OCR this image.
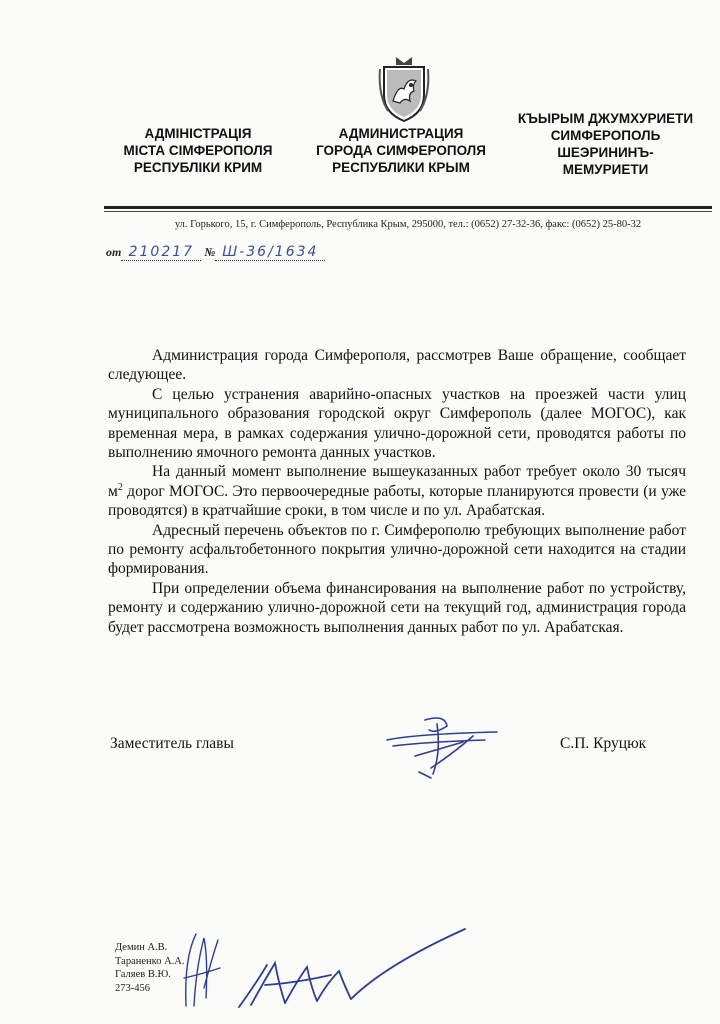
АДМІНІСТРАЦІЯ
МІСТА СІМФЕРОПОЛЯ
РЕСПУБЛІКИ КРИМ
АДМИНИСТРАЦИЯ
ГОРОДА СИМФЕРОПОЛЯ
РЕСПУБЛИКИ КРЫМ
КЪЫРЫМ ДЖУМХУРИЕТИ
СИМФЕРОПОЛЬ
ШЕЭРИНИНЪ-
МЕМУРИЕТИ
ул. Горького, 15, г. Симферополь, Республика Крым, 295000, тел.: (0652) 27-32-36, факс: (0652) 25-80-32
от 210217 № Ш-36/1634

Администрация города Симферополя, рассмотрев Ваше обращение, сообщает следующее.

С целью устранения аварийно-опасных участков на проезжей части улиц муниципального образования городской округ Симферополь (далее МОГОС), как временная мера, в рамках содержания улично-дорожной сети, проводятся работы по выполнению ямочного ремонта данных участков.

На данный момент выполнение вышеуказанных работ требует около 30 тысяч $м^2$ дорог МОГОС. Это первоочередные работы, которые планируются провести (и уже проводятся) в кратчайшие сроки, в том числе и по ул. Арабатская.

Адресный перечень объектов по г. Симферополю требующих выполнение работ по ремонту асфальтобетонного покрытия улично-дорожной сети находится на стадии формирования.

При определении объема финансирования на выполнение работ по устройству, ремонту и содержанию улично-дорожной сети на текущий год, администрация города будет рассмотрена возможность выполнения данных работ по ул. Арабатская.

Заместитель главы	С.П. Круцюк
Демин А.В.
Тараненко А.А.
Галяев В.Ю.
273-456
